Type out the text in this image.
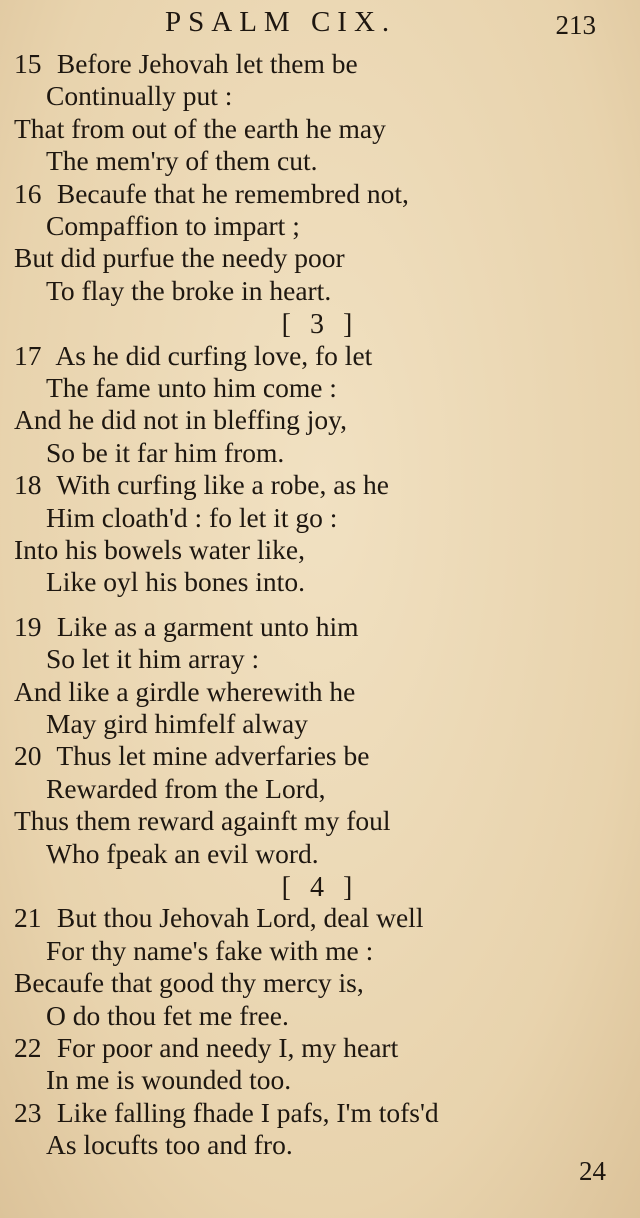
PSALM CIX.	213
15 Before Jehovah let them be
Continually put :
That from out of the earth he may
The mem'ry of them cut.
16 Becaufe that he remembred not,
Compaffion to impart ;
But did purfue the needy poor
To flay the broke in heart.
[ 3 ]
17 As he did curfing love, fo let
The fame unto him come :
And he did not in bleffing joy,
So be it far him from.
18 With curfing like a robe, as he
Him cloath'd : fo let it go :
Into his bowels water like,
Like oyl his bones into.
19 Like as a garment unto him
So let it him array :
And like a girdle wherewith he
May gird himfelf alway
20 Thus let mine adverfaries be
Rewarded from the Lord,
Thus them reward againft my foul
Who fpeak an evil word.
[ 4 ]
21 But thou Jehovah Lord, deal well
For thy name's fake with me :
Becaufe that good thy mercy is,
O do thou fet me free.
22 For poor and needy I, my heart
In me is wounded too.
23 Like falling fhade I pafs, I'm tofs'd
As locufts too and fro.
24
